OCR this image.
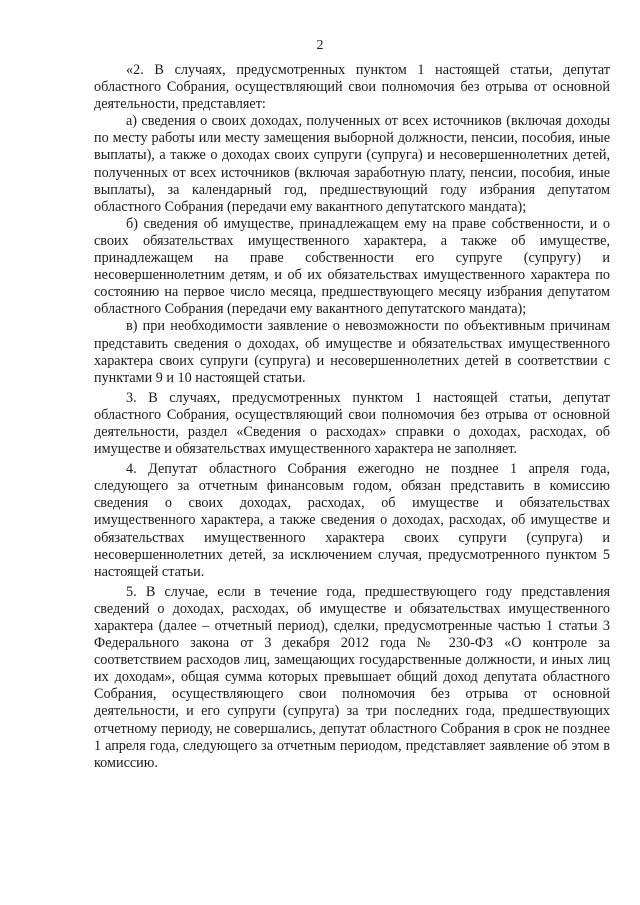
2

«2. В случаях, предусмотренных пунктом 1 настоящей статьи, депутат областного Собрания, осуществляющий свои полномочия без отрыва от основной деятельности, представляет:

а) сведения о своих доходах, полученных от всех источников (включая доходы по месту работы или месту замещения выборной должности, пенсии, пособия, иные выплаты), а также о доходах своих супруги (супруга) и несовершеннолетних детей, полученных от всех источников (включая заработную плату, пенсии, пособия, иные выплаты), за календарный год, предшествующий году избрания депутатом областного Собрания (передачи ему вакантного депутатского мандата);

б) сведения об имуществе, принадлежащем ему на праве собственности, и о своих обязательствах имущественного характера, а также об имуществе, принадлежащем на праве собственности его супруге (супругу) и несовершеннолетним детям, и об их обязательствах имущественного характера по состоянию на первое число месяца, предшествующего месяцу избрания депутатом областного Собрания (передачи ему вакантного депутатского мандата);

в) при необходимости заявление о невозможности по объективным причинам представить сведения о доходах, об имуществе и обязательствах имущественного характера своих супруги (супруга) и несовершеннолетних детей в соответствии с пунктами 9 и 10 настоящей статьи.

3. В случаях, предусмотренных пунктом 1 настоящей статьи, депутат областного Собрания, осуществляющий свои полномочия без отрыва от основной деятельности, раздел «Сведения о расходах» справки о доходах, расходах, об имуществе и обязательствах имущественного характера не заполняет.

4. Депутат областного Собрания ежегодно не позднее 1 апреля года, следующего за отчетным финансовым годом, обязан представить в комиссию сведения о своих доходах, расходах, об имуществе и обязательствах имущественного характера, а также сведения о доходах, расходах, об имуществе и обязательствах имущественного характера своих супруги (супруга) и несовершеннолетних детей, за исключением случая, предусмотренного пунктом 5 настоящей статьи.

5. В случае, если в течение года, предшествующего году представления сведений о доходах, расходах, об имуществе и обязательствах имущественного характера (далее – отчетный период), сделки, предусмотренные частью 1 статьи 3 Федерального закона от 3 декабря 2012 года № 230-ФЗ «О контроле за соответствием расходов лиц, замещающих государственные должности, и иных лиц их доходам», общая сумма которых превышает общий доход депутата областного Собрания, осуществляющего свои полномочия без отрыва от основной деятельности, и его супруги (супруга) за три последних года, предшествующих отчетному периоду, не совершались, депутат областного Собрания в срок не позднее 1 апреля года, следующего за отчетным периодом, представляет заявление об этом в комиссию.
